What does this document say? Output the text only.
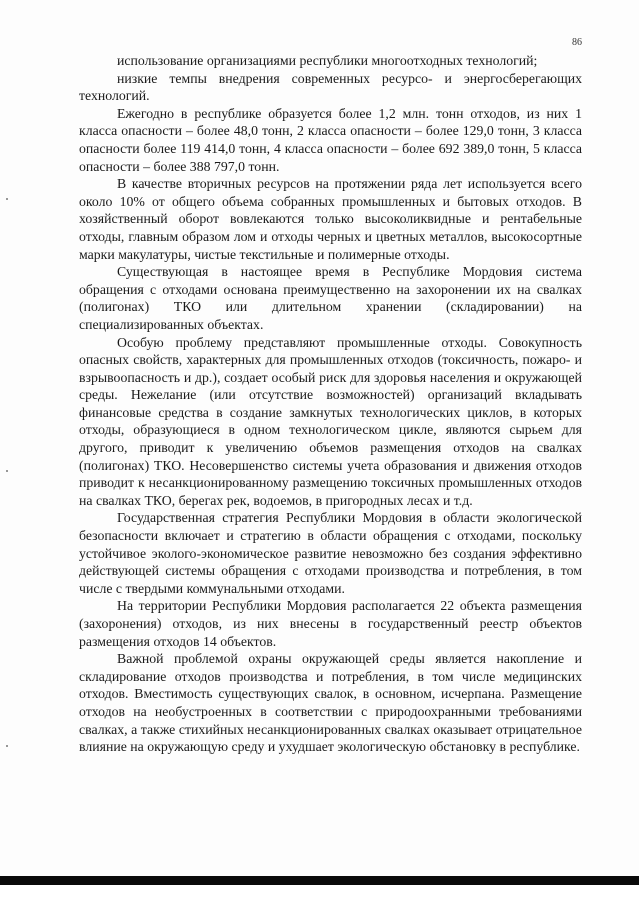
86

использование организациями республики многоотходных технологий;

низкие темпы внедрения современных ресурсо- и энергосберегающих технологий.

Ежегодно в республике образуется более 1,2 млн. тонн отходов, из них 1 класса опасности – более 48,0 тонн, 2 класса опасности – более 129,0 тонн, 3 класса опасности более 119 414,0 тонн, 4 класса опасности – более 692 389,0 тонн, 5 класса опасности – более 388 797,0 тонн.

В качестве вторичных ресурсов на протяжении ряда лет используется всего около 10% от общего объема собранных промышленных и бытовых отходов. В хозяйственный оборот вовлекаются только высоколиквидные и рентабельные отходы, главным образом лом и отходы черных и цветных металлов, высокосортные марки макулатуры, чистые текстильные и полимерные отходы.

Существующая в настоящее время в Республике Мордовия система обращения с отходами основана преимущественно на захоронении их на свалках (полигонах) ТКО или длительном хранении (складировании) на специализированных объектах.

Особую проблему представляют промышленные отходы. Совокупность опасных свойств, характерных для промышленных отходов (токсичность, пожаро- и взрывоопасность и др.), создает особый риск для здоровья населения и окружающей среды. Нежелание (или отсутствие возможностей) организаций вкладывать финансовые средства в создание замкнутых технологических циклов, в которых отходы, образующиеся в одном технологическом цикле, являются сырьем для другого, приводит к увеличению объемов размещения отходов на свалках (полигонах) ТКО. Несовершенство системы учета образования и движения отходов приводит к несанкционированному размещению токсичных промышленных отходов на свалках ТКО, берегах рек, водоемов, в пригородных лесах и т.д.

Государственная стратегия Республики Мордовия в области экологической безопасности включает и стратегию в области обращения с отходами, поскольку устойчивое эколого-экономическое развитие невозможно без создания эффективно действующей системы обращения с отходами производства и потребления, в том числе с твердыми коммунальными отходами.

На территории Республики Мордовия располагается 22 объекта размещения (захоронения) отходов, из них внесены в государственный реестр объектов размещения отходов 14 объектов.

Важной проблемой охраны окружающей среды является накопление и складирование отходов производства и потребления, в том числе медицинских отходов. Вместимость существующих свалок, в основном, исчерпана. Размещение отходов на необустроенных в соответствии с природоохранными требованиями свалках, а также стихийных несанкционированных свалках оказывает отрицательное влияние на окружающую среду и ухудшает экологическую обстановку в республике.
